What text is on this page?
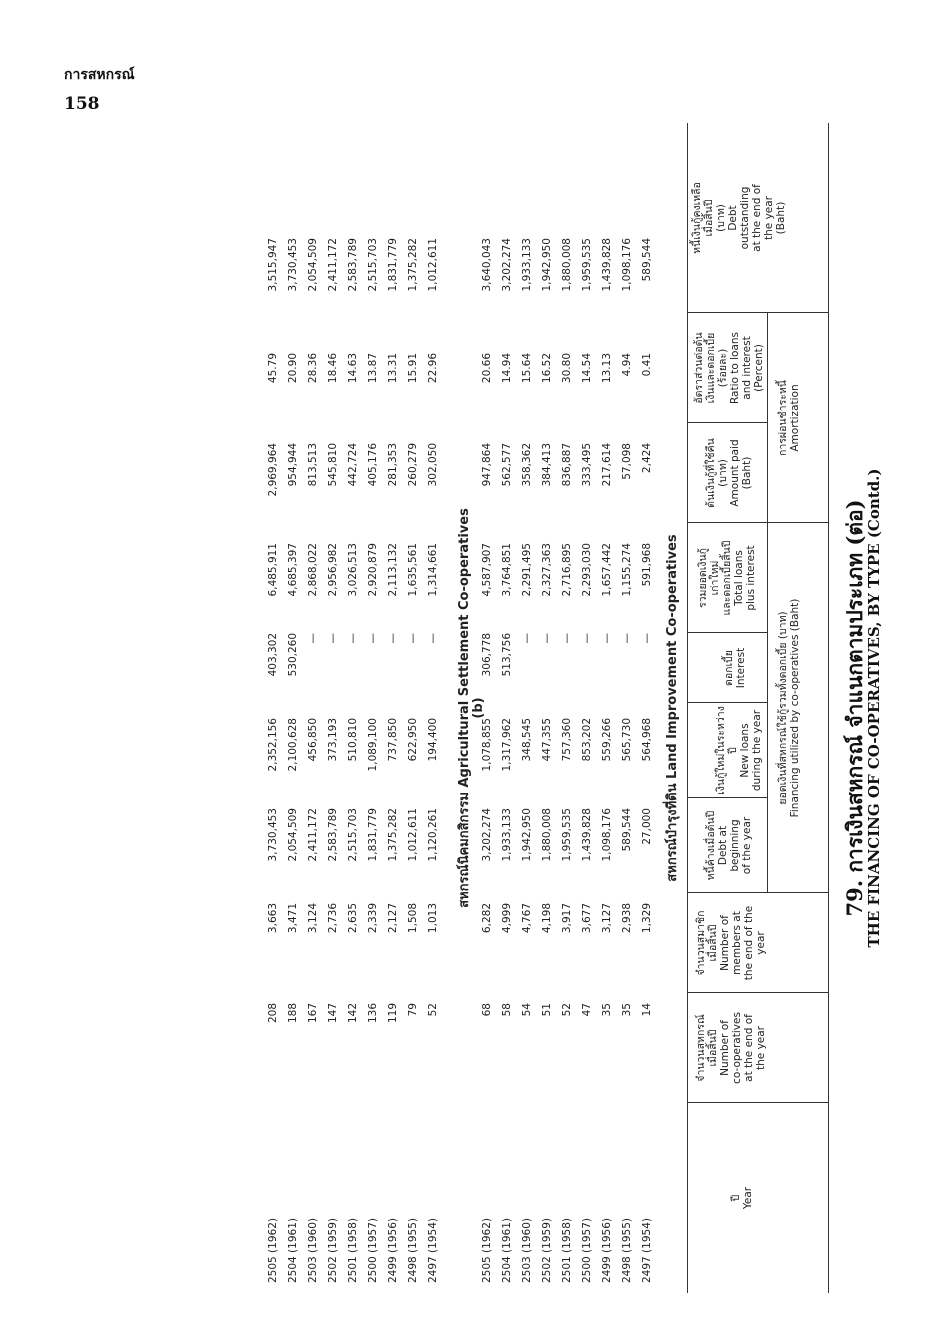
การสหกรณ์
158
79. การเงินสหกรณ์ จำแนกตามประเภท (ต่อ)
THE FINANCING OF CO-OPERATIVES, BY TYPE (Contd.)
ปี Year
จำนวนสหกรณ์ เมื่อสิ้นปี Number of co-operatives at the end of the year
จำนวนสมาชิก เมื่อสิ้นปี Number of members at the end of the year
ยอดเงินที่สหกรณ์ใช้กู้รวมทั้งดอกเบี้ย (บาท) Financing utilized by co-operatives (Baht)
หนี้ค้างเมื่อต้นปี Debt at beginning of the year
เงินกู้ใหม่ในระหว่างปี New loans during the year
ดอกเบี้ย Interest
รวมยอดเงินกู้ เก่าใหม่ และดอกเบี้ยสิ้นปี Total loans plus interest
การผ่อนชำระหนี้ Amortization
ต้นเงินกู้ที่ใช้คืน (บาท) Amount paid (Baht)
อัตราส่วนต่อต้น เงินและดอกเบี้ย (ร้อยละ) Ratio to loans and interest (Percent)
หนี้เงินกู้คงเหลือ เมื่อสิ้นปี (บาท) Debt outstanding at the end of the year (Baht)
สหกรณ์บำรุงที่ดิน Land Improvement Co-operatives
2497 (1954)
14
1,329
27,000
564,968
—
591,968
2,424
0.41
589,544
2498 (1955)
35
2,938
589,544
565,730
—
1,155,274
57,098
4.94
1,098,176
2499 (1956)
35
3,127
1,098,176
559,266
—
1,657,442
217,614
13.13
1,439,828
2500 (1957)
47
3,677
1,439,828
853,202
—
2,293,030
333,495
14.54
1,959,535
2501 (1958)
52
3,917
1,959,535
757,360
—
2,716,895
836,887
30.80
1,880,008
2502 (1959)
51
4,198
1,880,008
447,355
—
2,327,363
384,413
16.52
1,942,950
2503 (1960)
54
4,767
1,942,950
348,545
—
2,291,495
358,362
15.64
1,933,133
2504 (1961)
58
4,999
1,933,133
1,317,962
513,756
3,764,851
562,577
14.94
3,202,274
2505 (1962)
68
6,282
3,202,274
1,078,855
306,778
4,587,907
947,864
20.66
3,640,043
(b)
สหกรณ์นิคมกสิกรรม Agricultural Settlement Co-operatives
2497 (1954)
52
1,013
1,120,261
194,400
—
1,314,661
302,050
22.96
1,012,611
2498 (1955)
79
1,508
1,012,611
622,950
—
1,635,561
260,279
15.91
1,375,282
2499 (1956)
119
2,127
1,375,282
737,850
—
2,113,132
281,353
13.31
1,831,779
2500 (1957)
136
2,339
1,831,779
1,089,100
—
2,920,879
405,176
13.87
2,515,703
2501 (1958)
142
2,635
2,515,703
510,810
—
3,026,513
442,724
14.63
2,583,789
2502 (1959)
147
2,736
2,583,789
373,193
—
2,956,982
545,810
18.46
2,411,172
2503 (1960)
167
3,124
2,411,172
456,850
—
2,868,022
813,513
28.36
2,054,509
2504 (1961)
188
3,471
2,054,509
2,100,628
530,260
4,685,397
954,944
20.90
3,730,453
2505 (1962)
208
3,663
3,730,453
2,352,156
403,302
6,485,911
2,969,964
45.79
3,515,947
